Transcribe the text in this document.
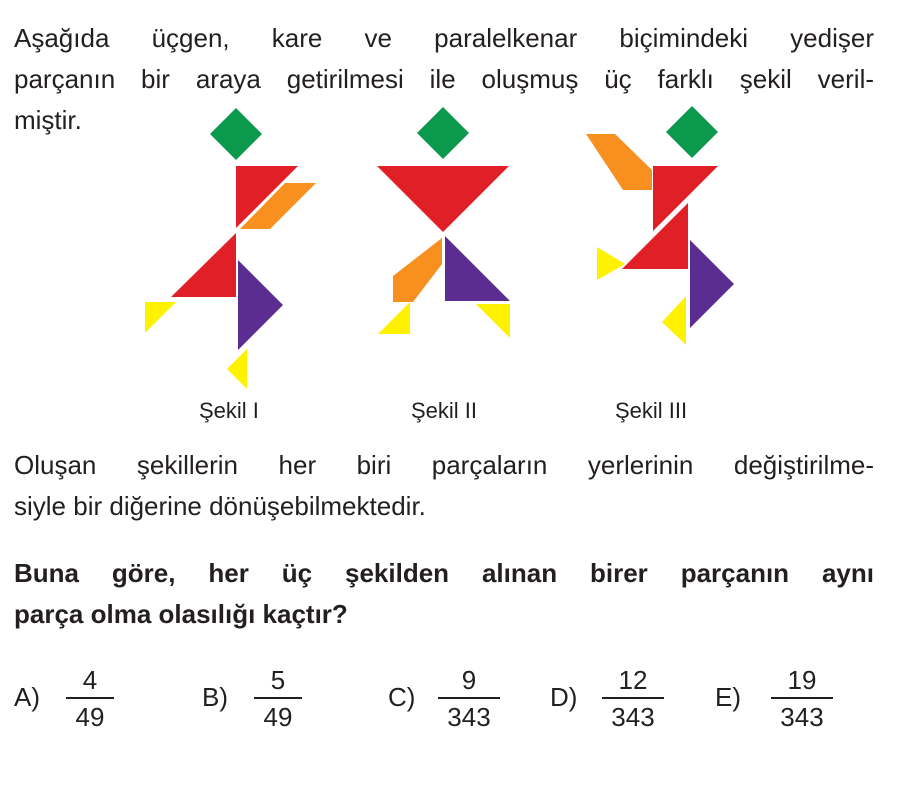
Aşağıda üçgen, kare ve paralelkenar biçimindeki yedişer
parçanın bir araya getirilmesi ile oluşmuş üç farklı şekil veril-
miştir.

Şekil I	Şekil II	Şekil III

Oluşan şekillerin her biri parçaların yerlerinin değiştirilme-
siyle bir diğerine dönüşebilmektedir.

Buna göre, her üç şekilden alınan birer parçanın aynı
parça olma olasılığı kaçtır?

A)
4
49
B)
5
49
C)
9
343
D)
12
343
E)
19
343
